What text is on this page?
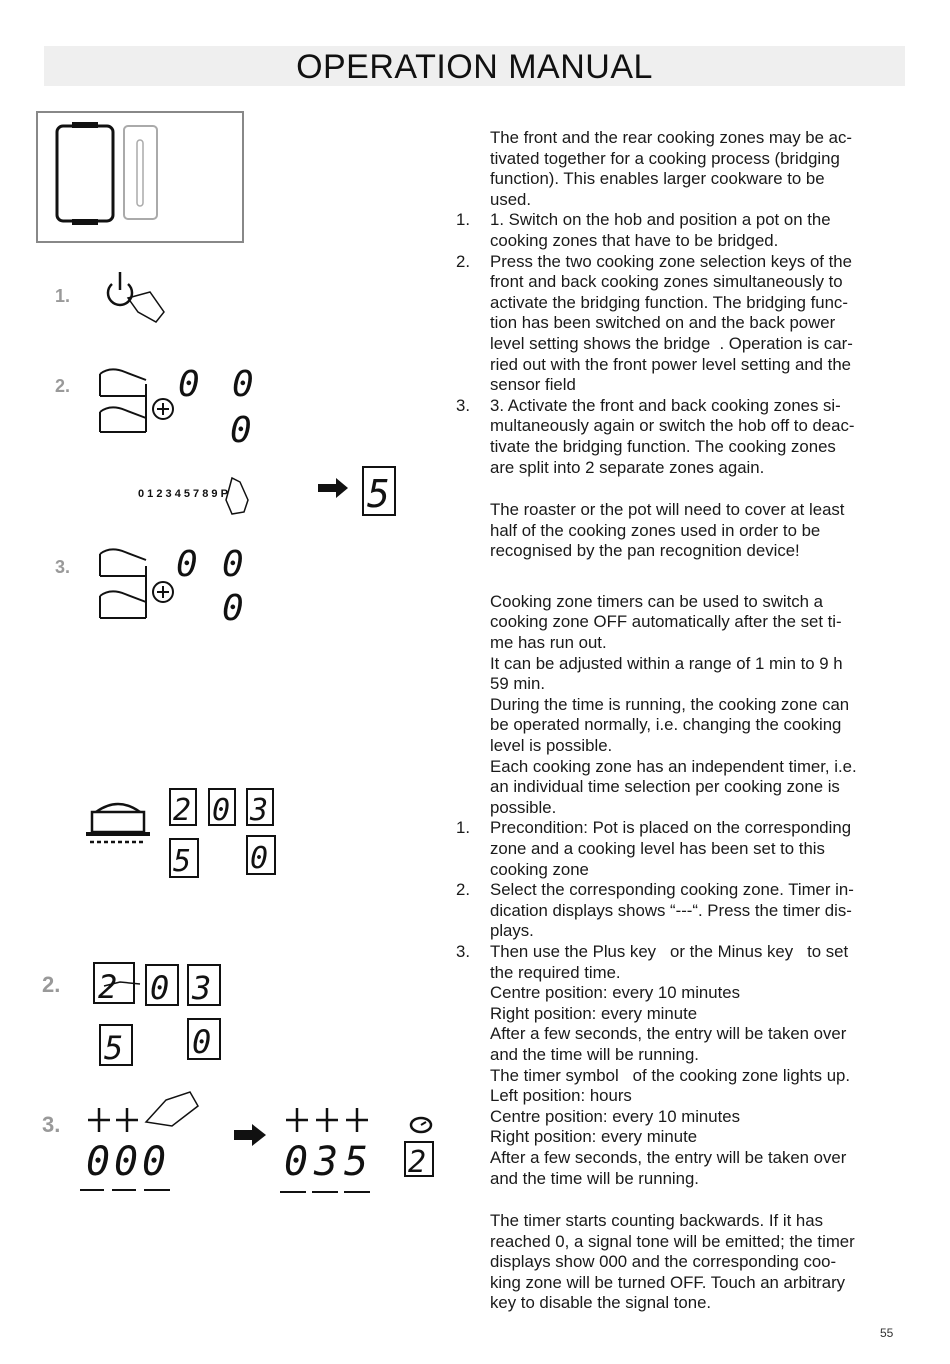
OPERATION MANUAL
1.
2.	0 0
0
0 1 2 3 4 5 7 8 9 P	5
3.	0 0
0
2 0 3
5 0
2. 2 0 3
5 0
3.
0 0 0	0 3 5 2
The front and the rear cooking zones may be ac-
tivated together for a cooking process (bridging
function). This enables larger cookware to be
used.
1. 1. Switch on the hob and position a pot on the
cooking zones that have to be bridged.
2. Press the two cooking zone selection keys of the
front and back cooking zones simultaneously to
activate the bridging function. The bridging func-
tion has been switched on and the back power
level setting shows the bridge  . Operation is car-
ried out with the front power level setting and the
sensor field
3. 3. Activate the front and back cooking zones si-
multaneously again or switch the hob off to deac-
tivate the bridging function. The cooking zones
are split into 2 separate zones again.
The roaster or the pot will need to cover at least
half of the cooking zones used in order to be
recognised by the pan recognition device!
Cooking zone timers can be used to switch a
cooking zone OFF automatically after the set ti-
me has run out.
It can be adjusted within a range of 1 min to 9 h
59 min.
During the time is running, the cooking zone can
be operated normally, i.e. changing the cooking
level is possible.
Each cooking zone has an independent timer, i.e.
an individual time selection per cooking zone is
possible.
1. Precondition: Pot is placed on the corresponding
zone and a cooking level has been set to this
cooking zone
2. Select the corresponding cooking zone. Timer in-
dication displays shows “---“. Press the timer dis-
plays.
3. Then use the Plus key   or the Minus key   to set
the required time.
Centre position: every 10 minutes
Right position: every minute
After a few seconds, the entry will be taken over
and the time will be running.
The timer symbol   of the cooking zone lights up.
Left position: hours
Centre position: every 10 minutes
Right position: every minute
After a few seconds, the entry will be taken over
and the time will be running.
The timer starts counting backwards. If it has
reached 0, a signal tone will be emitted; the timer
displays show 000 and the corresponding coo-
king zone will be turned OFF. Touch an arbitrary
key to disable the signal tone.
55
